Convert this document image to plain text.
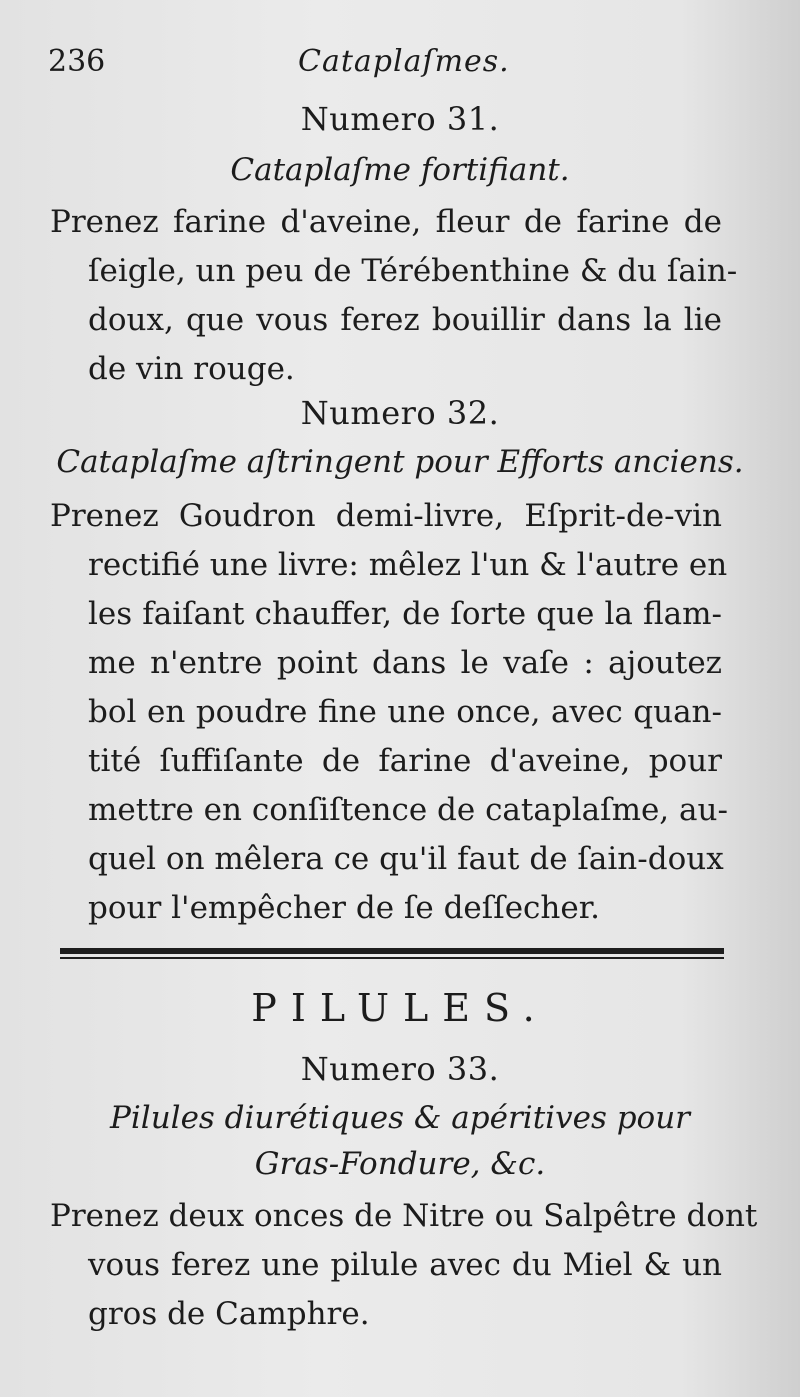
236	Cataplaſmes.
Numero 31.
Cataplaſme fortifiant.
Prenez farine d'aveine, fleur de farine de
ſeigle, un peu de Térébenthine & du ſain-
doux, que vous ferez bouillir dans la lie
de vin rouge.
Numero 32.
Cataplaſme aſtringent pour Efforts anciens.
Prenez Goudron demi-livre, Eſprit-de-vin
rectifié une livre: mêlez l'un & l'autre en
les faiſant chauffer, de ſorte que la flam-
me n'entre point dans le vaſe : ajoutez
bol en poudre fine une once, avec quan-
tité ſuffiſante de farine d'aveine, pour
mettre en conſiſtence de cataplaſme, au-
quel on mêlera ce qu'il faut de ſain-doux
pour l'empêcher de ſe deſſecher.
PILULES.
Numero 33.
Pilules diurétiques & apéritives pour
Gras-Fondure, &c.
Prenez deux onces de Nitre ou Salpêtre dont
vous ferez une pilule avec du Miel & un
gros de Camphre.
